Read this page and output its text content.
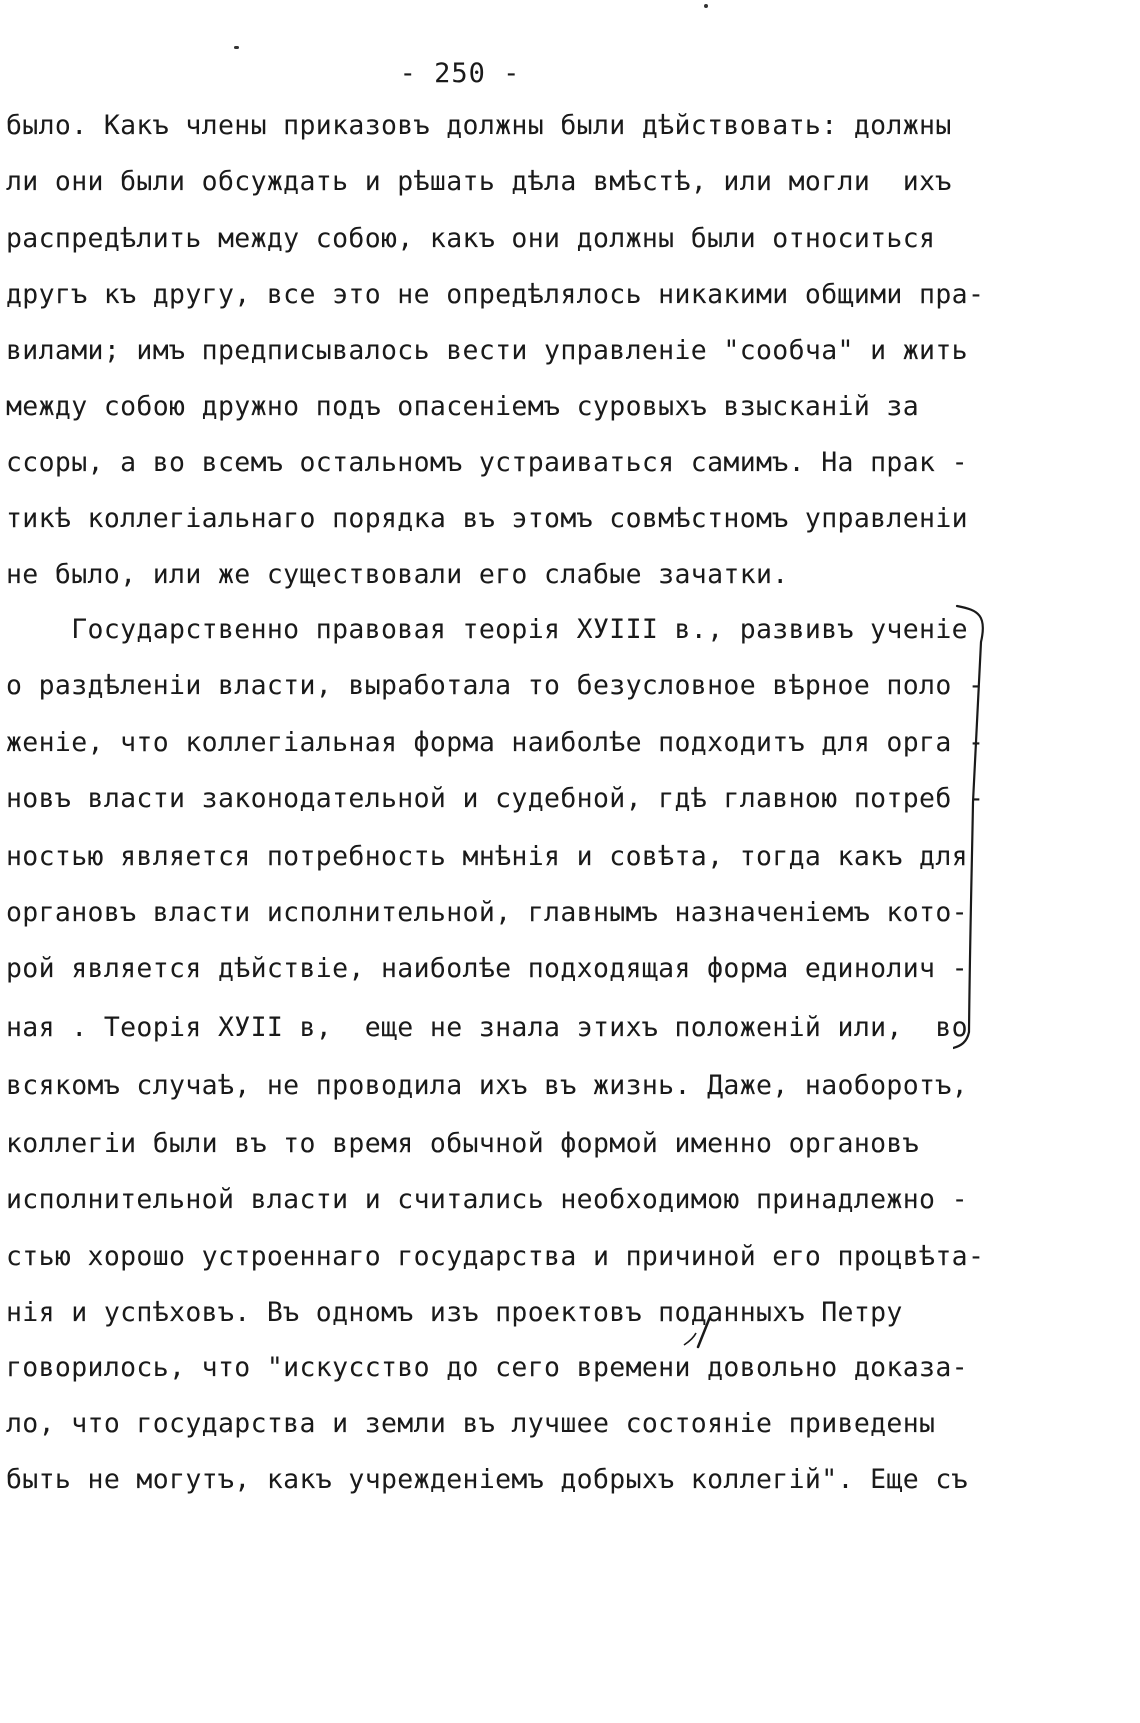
- 250 -
было. Какъ члены приказовъ должны были дѣйствовать: должны
ли они были обсуждать и рѣшать дѣла вмѣстѣ, или могли  ихъ
распредѣлить между собою, какъ они должны были относиться
другъ къ другу, все это не опредѣлялось никакими общими пра-
вилами; имъ предписывалось вести управленіе "сообча" и жить
между собою дружно подъ опасеніемъ суровыхъ взысканій за
ссоры, а во всемъ остальномъ устраиваться самимъ. На прак -
тикѣ коллегіальнаго порядка въ этомъ совмѣстномъ управленіи
не было, или же существовали его слабые зачатки.
Государственно правовая теорія ХУIII в., развивъ ученіе
о раздѣленіи власти, выработала то безусловное вѣрное поло -
женіе, что коллегіальная форма наиболѣе подходитъ для орга -
новъ власти законодательной и судебной, гдѣ главною потреб -
ностью является потребность мнѣнія и совѣта, тогда какъ для
органовъ власти исполнительной, главнымъ назначеніемъ кото-
рой является дѣйствіе, наиболѣе подходящая форма единолич -
ная . Теорія ХУII в,  еще не знала этихъ положеній или,  во
всякомъ случаѣ, не проводила ихъ въ жизнь. Даже, наоборотъ,
коллегіи были въ то время обычной формой именно органовъ
исполнительной власти и считались необходимою принадлежно -
стью хорошо устроеннаго государства и причиной его процвѣта-
нія и успѣховъ. Въ одномъ изъ проектовъ поданныхъ Петру
говорилось, что "искусство до сего времени довольно доказа-
ло, что государства и земли въ лучшее состояніе приведены
быть не могутъ, какъ учрежденіемъ добрыхъ коллегій". Еще съ
